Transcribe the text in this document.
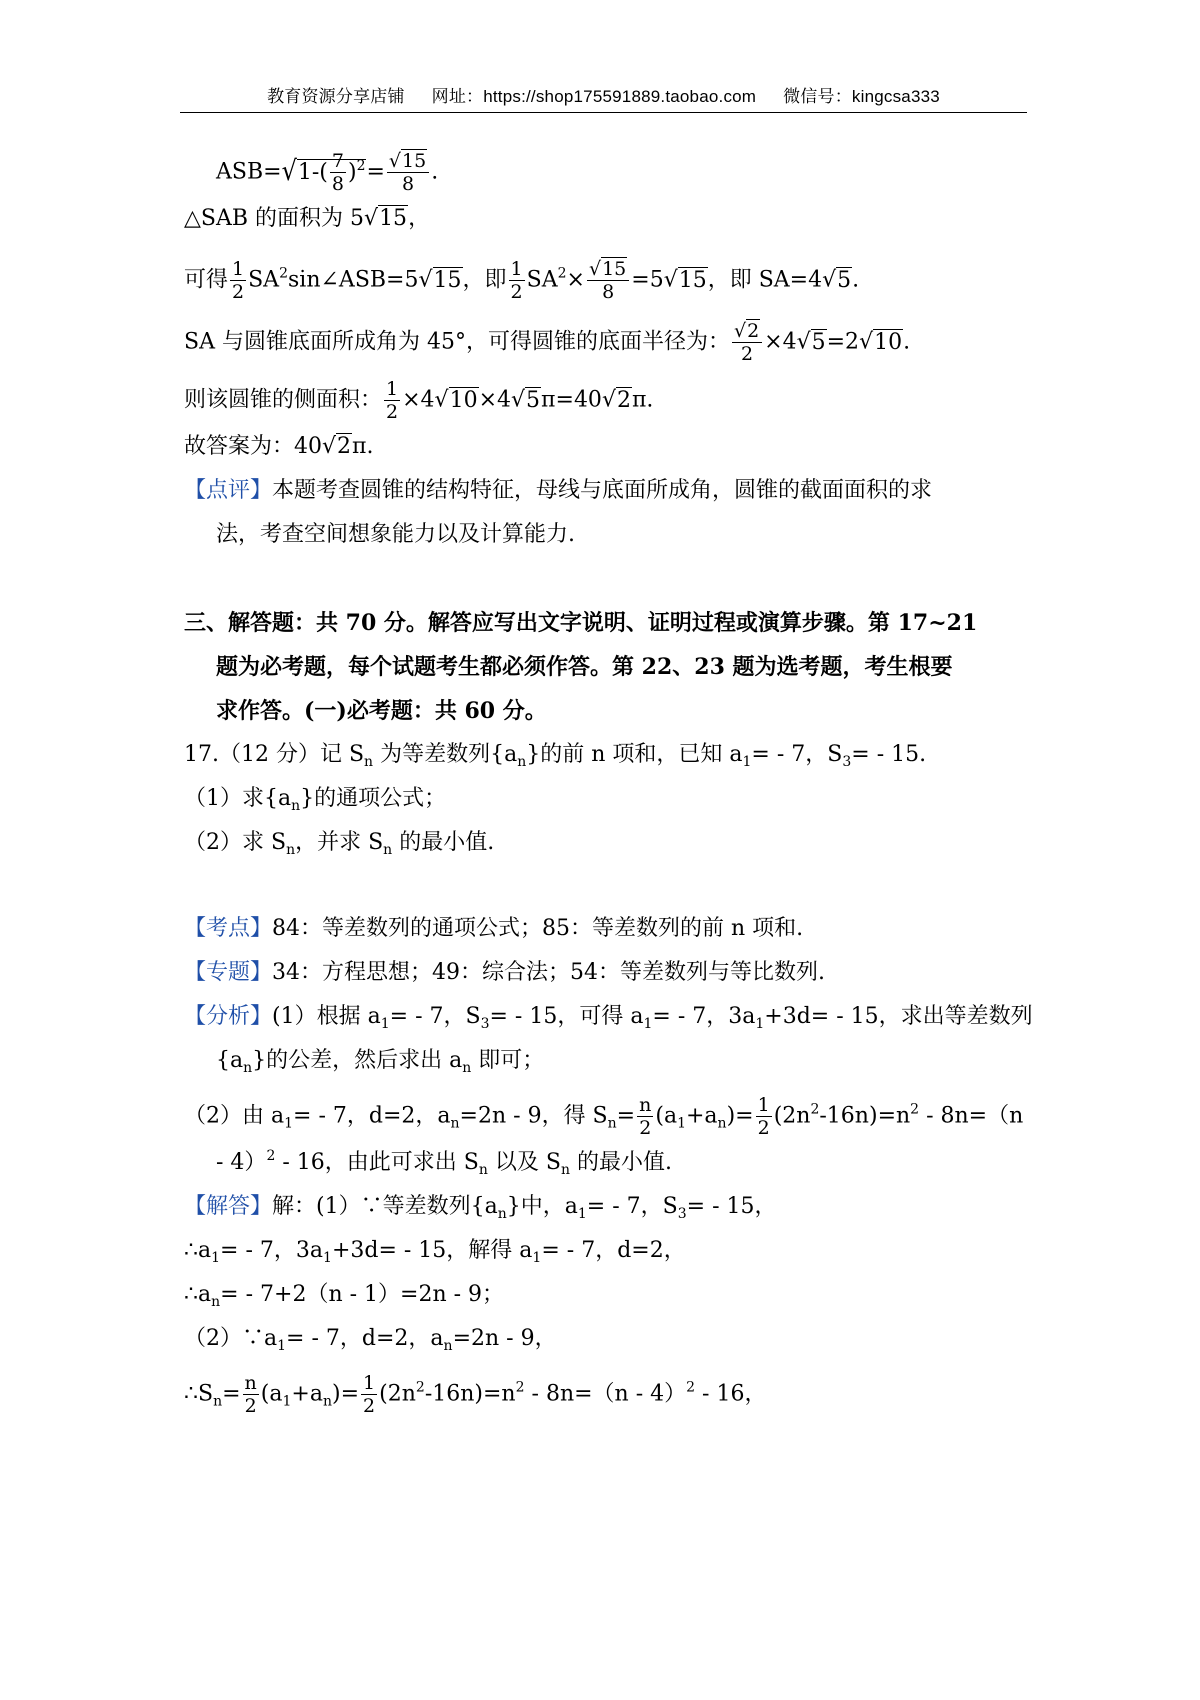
教育资源分享店铺 网址：https://shop175591889.taobao.com 微信号：kingcsa333
$ASB=√1-( \frac{7}{8} )^2= \frac{√15}{8}$ .
△SAB 的面积为 5√15，
可得 $\frac{1}{2}$ $SA^2\sin\angle ASB=5√15$，即 $\frac{1}{2} SA^2\times \frac{√15}{8} =5√15$，即 SA=4√5.
SA 与圆锥底面所成角为 45°，可得圆锥的底面半径为： $\frac{√2}{2} \times 4√5=2√10$.
则该圆锥的侧面积： $\frac{1}{2} \times 4√10\times 4√5\pi=40√2\pi$.
故答案为：40√2π.
【点评】本题考查圆锥的结构特征，母线与底面所成角，圆锥的截面面积的求
法，考查空间想象能力以及计算能力.
三、解答题：共 70 分。解答应写出文字说明、证明过程或演算步骤。第 17~21
题为必考题，每个试题考生都必须作答。第 22、23 题为选考题，考生根要
求作答。(一)必考题：共 60 分。
17.（12 分）记 $S_n$ 为等差数列$\{a_n\}$的前 n 项和，已知 $a_1= - 7$，$S_3= - 15$.
（1）求$\{a_n\}$的通项公式；
（2）求 $S_n$，并求 $S_n$ 的最小值.
【考点】84：等差数列的通项公式；85：等差数列的前 n 项和.
【专题】34：方程思想；49：综合法；54：等差数列与等比数列.
【分析】(1）根据 $a_1= - 7$，$S_3= - 15$，可得 $a_1= - 7$，$3a_1+3d= - 15$，求出等差数列
$\{a_n\}$的公差，然后求出 $a_n$ 即可；
（2）由 $a_1= - 7$，d=2，$a_n=2n - 9$，得 $S_n= \frac{n}{2} (a_1+a_n)= \frac{1}{2} (2n^2-16n)=n^2 - 8n=(n$
- 4）$^2$ - 16，由此可求出 $S_n$ 以及 $S_n$ 的最小值.
【解答】解：(1）∵等差数列$\{a_n\}$中，$a_1= - 7$，$S_3= - 15$，
$\therefore a_1= - 7$，$3a_1+3d= - 15$，解得 $a_1= - 7$，d=2，
$\therefore a_n= - 7+2(n - 1)=2n - 9$；
$(2)\because a_1= - 7$，d=2，$a_n=2n - 9$，
$\therefore S_n= \frac{n}{2} (a_1+a_n)= \frac{1}{2} (2n^2-16n)=n^2 - 8n=(n - 4)^2 - 16$，
